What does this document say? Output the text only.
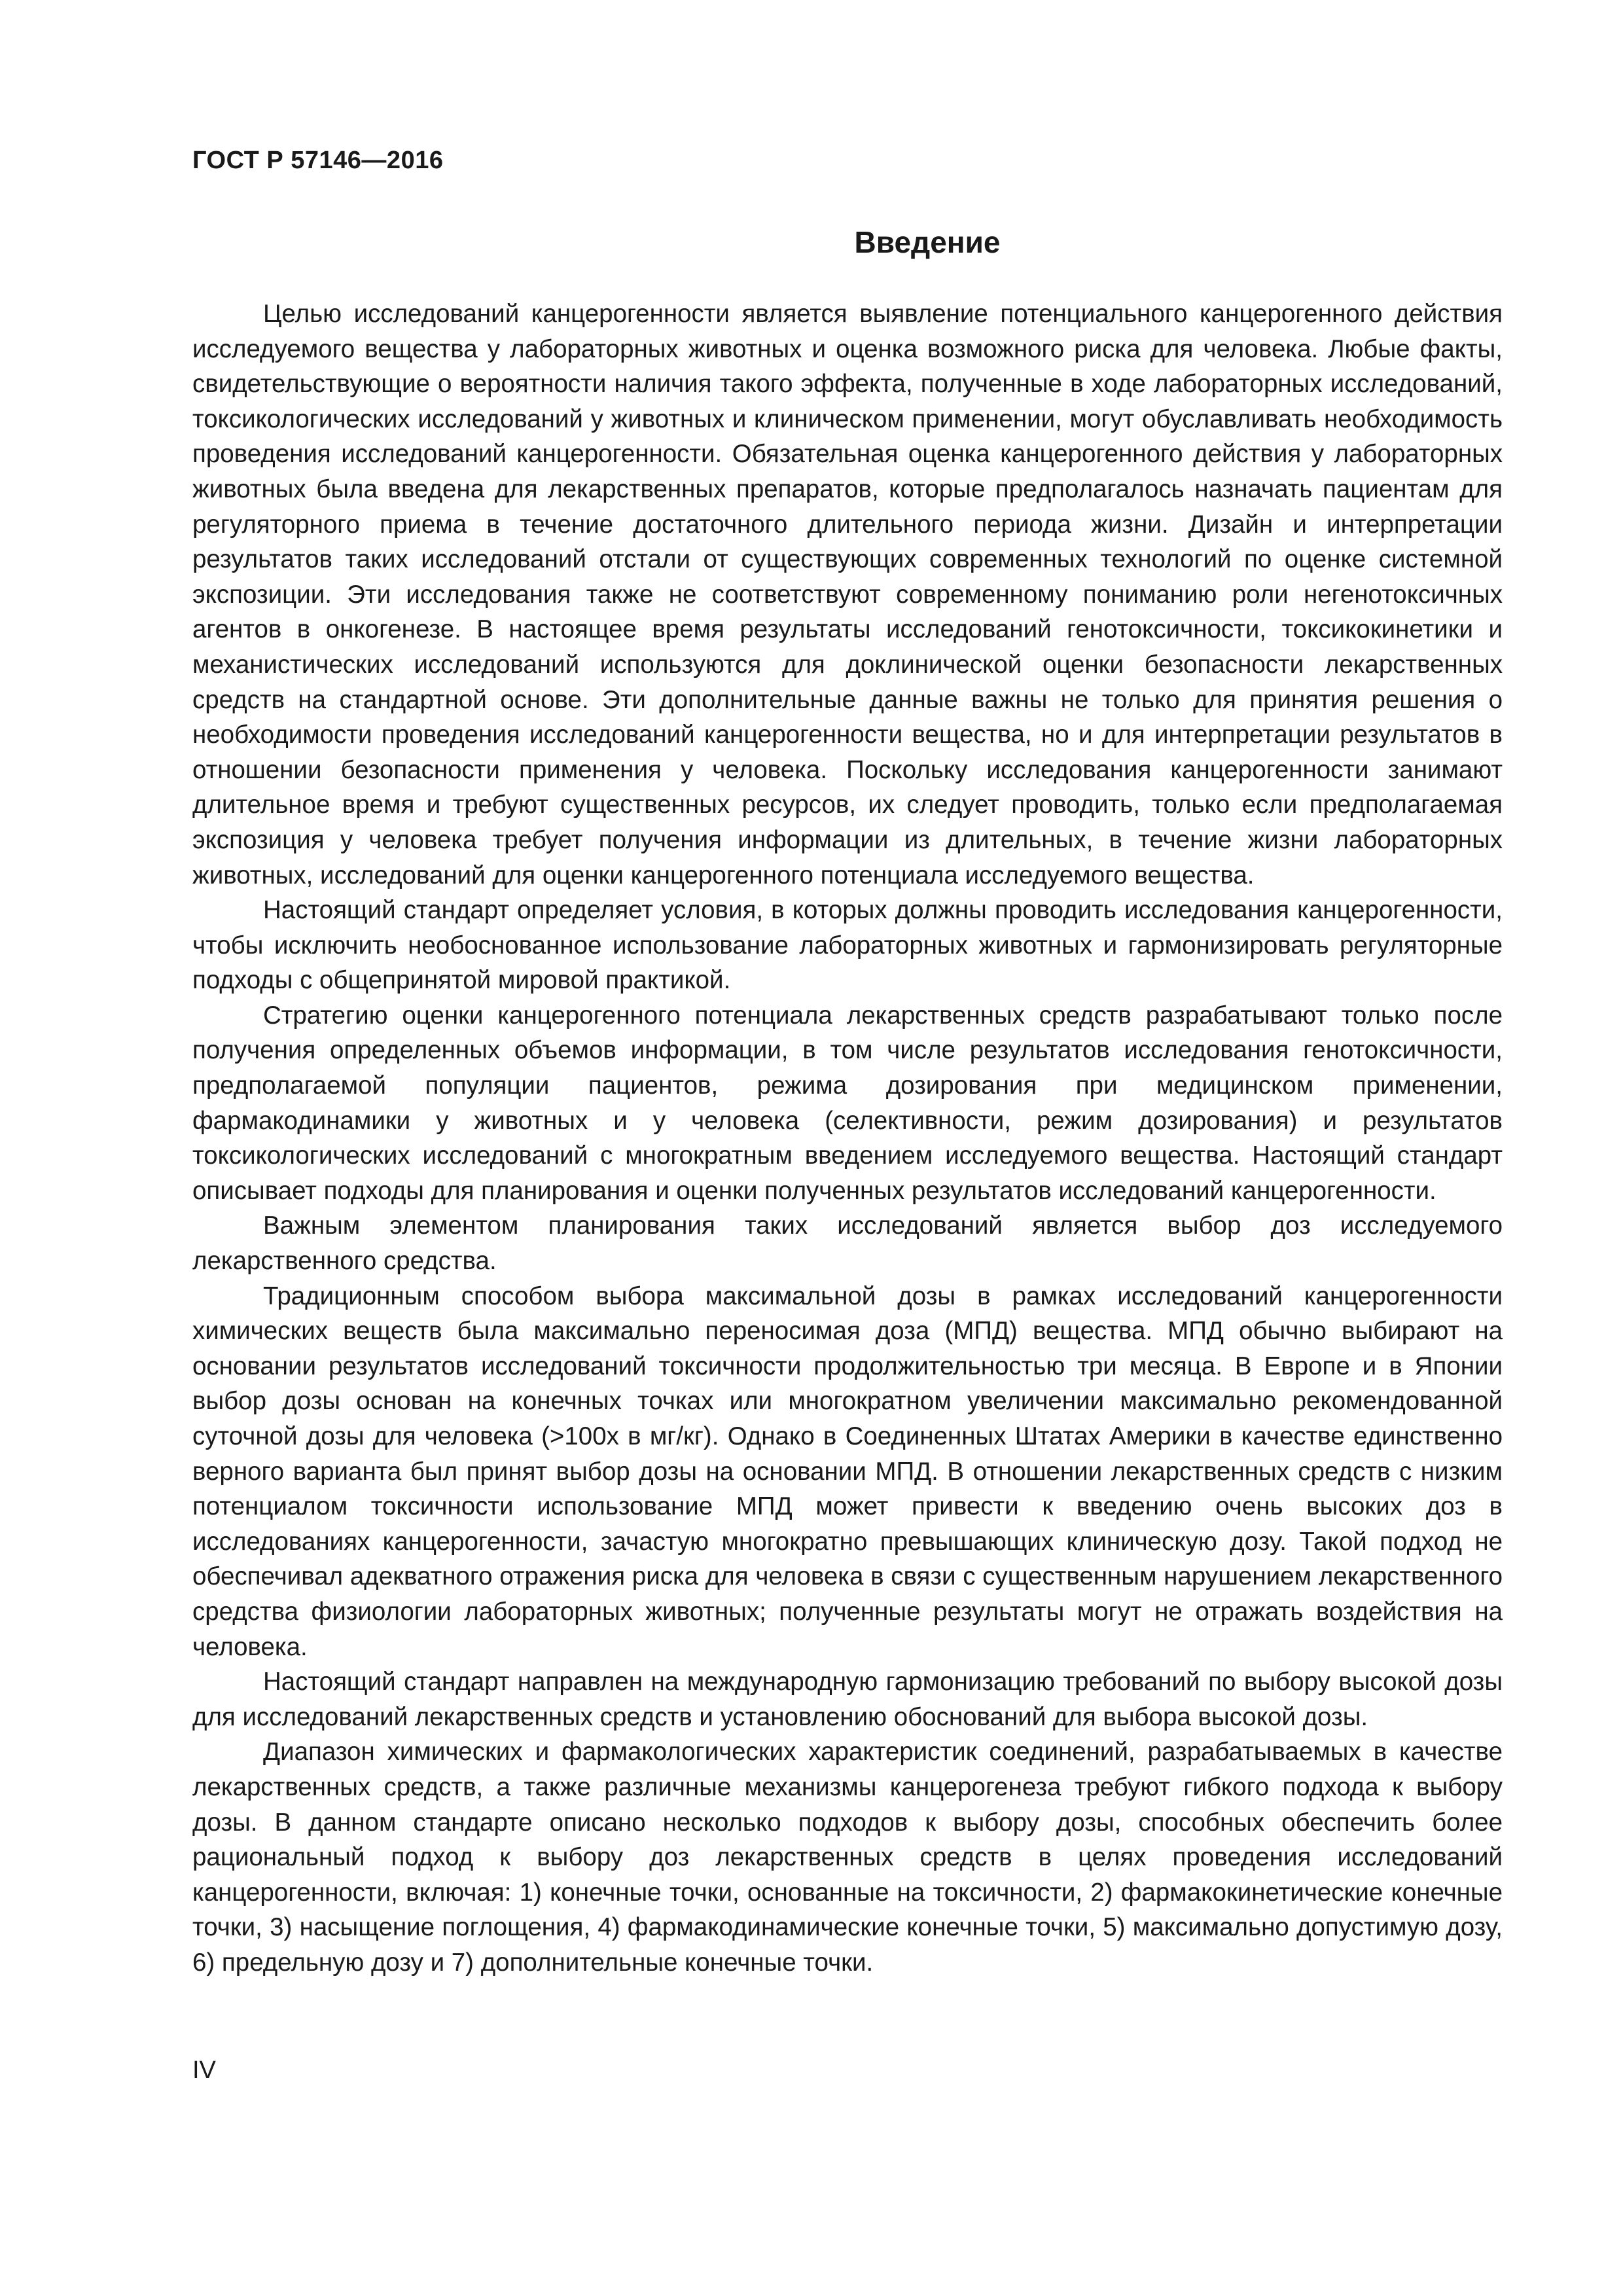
ГОСТ Р 57146—2016
Введение

Целью исследований канцерогенности является выявление потенциального канцерогенного действия исследуемого вещества у лабораторных животных и оценка возможного риска для человека. Любые факты, свидетельствующие о вероятности наличия такого эффекта, полученные в ходе лабораторных исследований, токсикологических исследований у животных и клиническом применении, могут обуславливать необходимость проведения исследований канцерогенности. Обязательная оценка канцерогенного действия у лабораторных животных была введена для лекарственных препаратов, которые предполагалось назначать пациентам для регуляторного приема в течение достаточного длительного периода жизни. Дизайн и интерпретации результатов таких исследований отстали от существующих современных технологий по оценке системной экспозиции. Эти исследования также не соответствуют современному пониманию роли негенотоксичных агентов в онкогенезе. В настоящее время результаты исследований генотоксичности, токсикокинетики и механистических исследований используются для доклинической оценки безопасности лекарственных средств на стандартной основе. Эти дополнительные данные важны не только для принятия решения о необходимости проведения исследований канцерогенности вещества, но и для интерпретации результатов в отношении безопасности применения у человека. Поскольку исследования канцерогенности занимают длительное время и требуют существенных ресурсов, их следует проводить, только если предполагаемая экспозиция у человека требует получения информации из длительных, в течение жизни лабораторных животных, исследований для оценки канцерогенного потенциала исследуемого вещества.

Настоящий стандарт определяет условия, в которых должны проводить исследования канцерогенности, чтобы исключить необоснованное использование лабораторных животных и гармонизировать регуляторные подходы с общепринятой мировой практикой.

Стратегию оценки канцерогенного потенциала лекарственных средств разрабатывают только после получения определенных объемов информации, в том числе результатов исследования генотоксичности, предполагаемой популяции пациентов, режима дозирования при медицинском применении, фармакодинамики у животных и у человека (селективности, режим дозирования) и результатов токсикологических исследований с многократным введением исследуемого вещества. Настоящий стандарт описывает подходы для планирования и оценки полученных результатов исследований канцерогенности.

Важным элементом планирования таких исследований является выбор доз исследуемого лекарственного средства.

Традиционным способом выбора максимальной дозы в рамках исследований канцерогенности химических веществ была максимально переносимая доза (МПД) вещества. МПД обычно выбирают на основании результатов исследований токсичности продолжительностью три месяца. В Европе и в Японии выбор дозы основан на конечных точках или многократном увеличении максимально рекомендованной суточной дозы для человека (>100х в мг/кг). Однако в Соединенных Штатах Америки в качестве единственно верного варианта был принят выбор дозы на основании МПД. В отношении лекарственных средств с низким потенциалом токсичности использование МПД может привести к введению очень высоких доз в исследованиях канцерогенности, зачастую многократно превышающих клиническую дозу. Такой подход не обеспечивал адекватного отражения риска для человека в связи с существенным нарушением лекарственного средства физиологии лабораторных животных; полученные результаты могут не отражать воздействия на человека.

Настоящий стандарт направлен на международную гармонизацию требований по выбору высокой дозы для исследований лекарственных средств и установлению обоснований для выбора высокой дозы.

Диапазон химических и фармакологических характеристик соединений, разрабатываемых в качестве лекарственных средств, а также различные механизмы канцерогенеза требуют гибкого подхода к выбору дозы. В данном стандарте описано несколько подходов к выбору дозы, способных обеспечить более рациональный подход к выбору доз лекарственных средств в целях проведения исследований канцерогенности, включая: 1) конечные точки, основанные на токсичности, 2) фармакокинетические конечные точки, 3) насыщение поглощения, 4) фармакодинамические конечные точки, 5) максимально допустимую дозу, 6) предельную дозу и 7) дополнительные конечные точки.

IV
